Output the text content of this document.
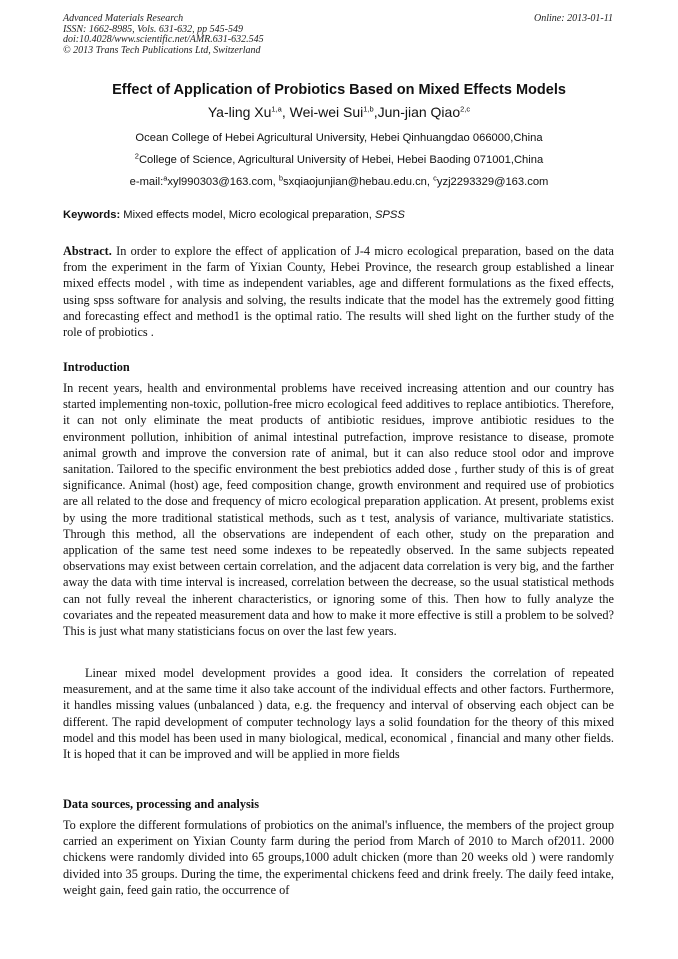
Advanced Materials Research
ISSN: 1662-8985, Vols. 631-632, pp 545-549
doi:10.4028/www.scientific.net/AMR.631-632.545
© 2013 Trans Tech Publications Ltd, Switzerland
Online: 2013-01-11
Effect of Application of Probiotics Based on Mixed Effects Models
Ya-ling Xu$^{1,a}$, Wei-wei Sui$^{1,b}$,Jun-jian Qiao$^{2,c}$
Ocean College of Hebei Agricultural University, Hebei Qinhuangdao 066000,China
$^2$College of Science, Agricultural University of Hebei, Hebei Baoding 071001,China
e-mail:$^a$xyl990303@163.com, $^b$sxqiaojunjian@hebau.edu.cn, $^c$yzj2293329@163.com
Keywords: Mixed effects model, Micro ecological preparation, SPSS
Abstract. In order to explore the effect of application of J-4 micro ecological preparation, based on the data from the experiment in the farm of Yixian County, Hebei Province, the research group established a linear mixed effects model , with time as independent variables, age and different formulations as the fixed effects, using spss software for analysis and solving, the results indicate that the model has the extremely good fitting and forecasting effect and method1 is the optimal ratio. The results will shed light on the further study of the role of probiotics .
Introduction
In recent years, health and environmental problems have received increasing attention and our country has started implementing non-toxic, pollution-free micro ecological feed additives to replace antibiotics. Therefore, it can not only eliminate the meat products of antibiotic residues, improve antibiotic residues to the environment pollution, inhibition of animal intestinal putrefaction, improve resistance to disease, promote animal growth and improve the conversion rate of animal, but it can also reduce stool odor and improve sanitation. Tailored to the specific environment the best prebiotics added dose , further study of this is of great significance. Animal (host) age, feed composition change, growth environment and required use of probiotics are all related to the dose and frequency of micro ecological preparation application. At present, problems exist by using the more traditional statistical methods, such as t test, analysis of variance, multivariate statistics. Through this method, all the observations are independent of each other, study on the preparation and application of the same test need some indexes to be repeatedly observed. In the same subjects repeated observations may exist between certain correlation, and the adjacent data correlation is very big, and the farther away the data with time interval is increased, correlation between the decrease, so the usual statistical methods can not fully reveal the inherent characteristics, or ignoring some of this. Then how to fully analyze the covariates and the repeated measurement data and how to make it more effective is still a problem to be solved? This is just what many statisticians focus on over the last few years.
Linear mixed model development provides a good idea. It considers the correlation of repeated measurement, and at the same time it also take account of the individual effects and other factors. Furthermore, it handles missing values (unbalanced ) data, e.g. the frequency and interval of observing each object can be different. The rapid development of computer technology lays a solid foundation for the theory of this mixed model and this model has been used in many biological, medical, economical , financial and many other fields. It is hoped that it can be improved and will be applied in more fields
Data sources, processing and analysis
To explore the different formulations of probiotics on the animal's influence, the members of the project group carried an experiment on Yixian County farm during the period from March of 2010 to March of2011. 2000 chickens were randomly divided into 65 groups,1000 adult chicken (more than 20 weeks old ) were randomly divided into 35 groups. During the time, the experimental chickens feed and drink freely. The daily feed intake, weight gain, feed gain ratio, the occurrence of
